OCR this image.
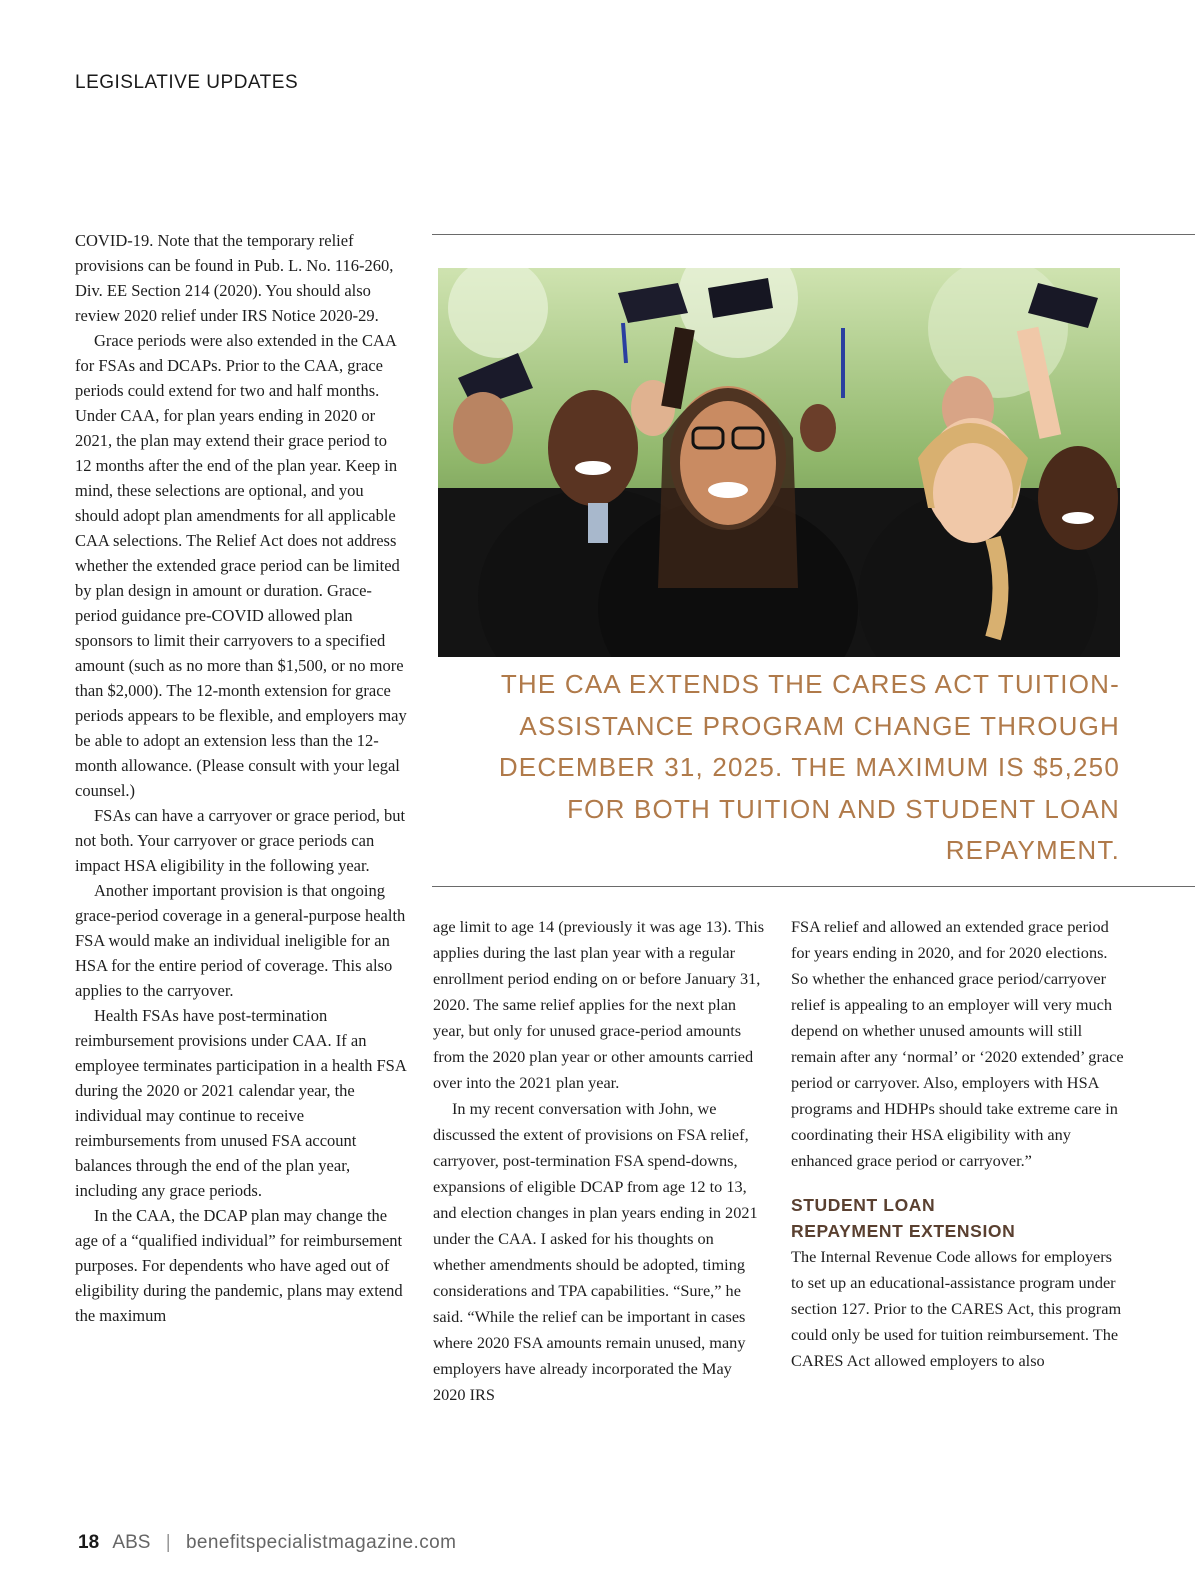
LEGISLATIVE UPDATES

COVID-19. Note that the temporary relief provisions can be found in Pub. L. No. 116-260, Div. EE Section 214 (2020). You should also review 2020 relief under IRS Notice 2020-29.

Grace periods were also extended in the CAA for FSAs and DCAPs. Prior to the CAA, grace periods could extend for two and half months. Under CAA, for plan years ending in 2020 or 2021, the plan may extend their grace period to 12 months after the end of the plan year. Keep in mind, these selections are optional, and you should adopt plan amendments for all applicable CAA selections. The Relief Act does not address whether the extended grace period can be limited by plan design in amount or duration. Grace-period guidance pre-COVID allowed plan sponsors to limit their carryovers to a specified amount (such as no more than $1,500, or no more than $2,000). The 12-month extension for grace periods appears to be flexible, and employers may be able to adopt an extension less than the 12-month allowance. (Please consult with your legal counsel.)

FSAs can have a carryover or grace period, but not both. Your carryover or grace periods can impact HSA eligibility in the following year.

Another important provision is that ongoing grace-period coverage in a general-purpose health FSA would make an individual ineligible for an HSA for the entire period of coverage. This also applies to the carryover.

Health FSAs have post-termination reimbursement provisions under CAA. If an employee terminates participation in a health FSA during the 2020 or 2021 calendar year, the individual may continue to receive reimbursements from unused FSA account balances through the end of the plan year, including any grace periods.

In the CAA, the DCAP plan may change the age of a “qualified individual” for reimbursement purposes. For dependents who have aged out of eligibility during the pandemic, plans may extend the maximum

THE CAA EXTENDS THE CARES ACT TUITION-ASSISTANCE PROGRAM CHANGE THROUGH DECEMBER 31, 2025. THE MAXIMUM IS $5,250 FOR BOTH TUITION AND STUDENT LOAN REPAYMENT.

age limit to age 14 (previously it was age 13). This applies during the last plan year with a regular enrollment period ending on or before January 31, 2020. The same relief applies for the next plan year, but only for unused grace-period amounts from the 2020 plan year or other amounts carried over into the 2021 plan year.

In my recent conversation with John, we discussed the extent of provisions on FSA relief, carryover, post-termination FSA spend-downs, expansions of eligible DCAP from age 12 to 13, and election changes in plan years ending in 2021 under the CAA. I asked for his thoughts on whether amendments should be adopted, timing considerations and TPA capabilities. “Sure,” he said. “While the relief can be important in cases where 2020 FSA amounts remain unused, many employers have already incorporated the May 2020 IRS

FSA relief and allowed an extended grace period for years ending in 2020, and for 2020 elections. So whether the enhanced grace period/carryover relief is appealing to an employer will very much depend on whether unused amounts will still remain after any ‘normal’ or ‘2020 extended’ grace period or carryover. Also, employers with HSA programs and HDHPs should take extreme care in coordinating their HSA eligibility with any enhanced grace period or carryover.”

STUDENT LOAN
REPAYMENT EXTENSION

The Internal Revenue Code allows for employers to set up an educational-assistance program under section 127. Prior to the CARES Act, this program could only be used for tuition reimbursement. The CARES Act allowed employers to also

18 ABS | benefitspecialistmagazine.com
